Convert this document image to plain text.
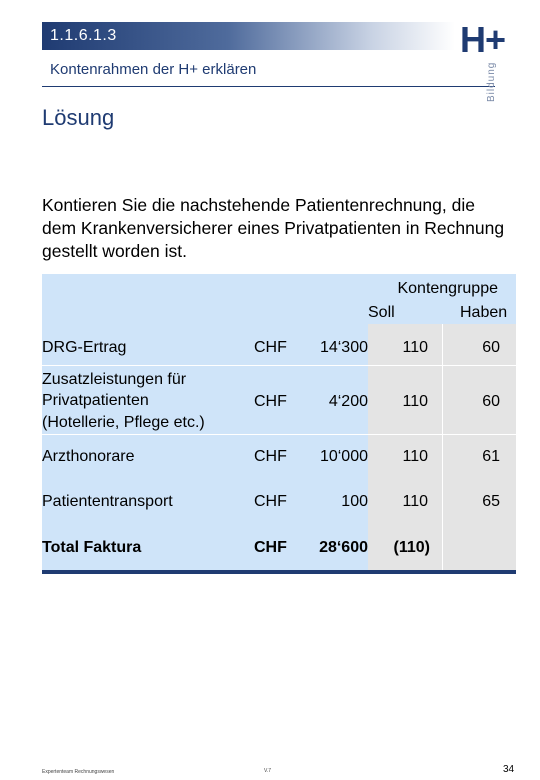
1.1.6.1.3
Kontenrahmen der H+ erklären
H+
Bildung
Lösung
Kontieren Sie die nachstehende Patientenrechnung, die dem Krankenversicherer eines Privatpatienten in Rechnung gestellt worden ist.
Kontengruppe
Soll	Haben
DRG-Ertrag	CHF	14‘300	110	60
Zusatzleistungen für
Privatpatienten
(Hotellerie, Pflege etc.)
CHF	4‘200	110	60
Arzthonorare	CHF	10‘000	110	61
Patiententransport	CHF	100	110	65
Total Faktura	CHF	28‘600	(110)
Expertenteam Rechnungswesen	V.7	34
